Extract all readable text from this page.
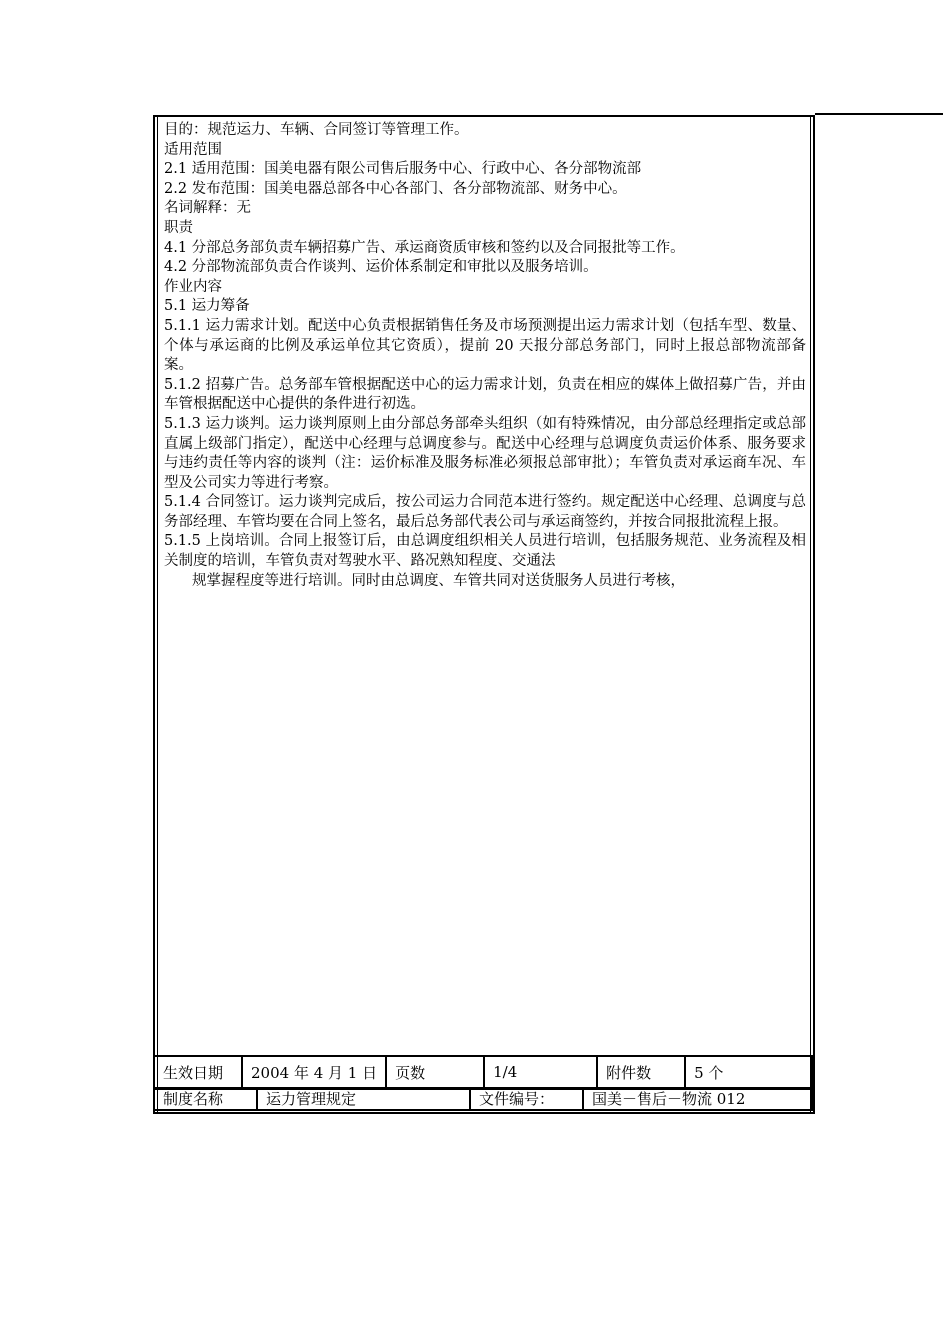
目的：规范运力、车辆、合同签订等管理工作。

适用范围

2.1 适用范围：国美电器有限公司售后服务中心、行政中心、各分部物流部

2.2 发布范围：国美电器总部各中心各部门、各分部物流部、财务中心。

名词解释：无

职责

4.1 分部总务部负责车辆招募广告、承运商资质审核和签约以及合同报批等工作。

4.2 分部物流部负责合作谈判、运价体系制定和审批以及服务培训。

作业内容

5.1 运力筹备

5.1.1 运力需求计划。配送中心负责根据销售任务及市场预测提出运力需求计划（包括车型、数量、个体与承运商的比例及承运单位其它资质），提前 20 天报分部总务部门，同时上报总部物流部备案。

5.1.2 招募广告。总务部车管根据配送中心的运力需求计划，负责在相应的媒体上做招募广告，并由车管根据配送中心提供的条件进行初选。

5.1.3 运力谈判。运力谈判原则上由分部总务部牵头组织（如有特殊情况，由分部总经理指定或总部直属上级部门指定），配送中心经理与总调度参与。配送中心经理与总调度负责运价体系、服务要求与违约责任等内容的谈判（注：运价标准及服务标准必须报总部审批）；车管负责对承运商车况、车型及公司实力等进行考察。

5.1.4 合同签订。运力谈判完成后，按公司运力合同范本进行签约。规定配送中心经理、总调度与总务部经理、车管均要在合同上签名，最后总务部代表公司与承运商签约，并按合同报批流程上报。

5.1.5 上岗培训。合同上报签订后，由总调度组织相关人员进行培训，包括服务规范、业务流程及相关制度的培训，车管负责对驾驶水平、路况熟知程度、交通法

规掌握程度等进行培训。同时由总调度、车管共同对送货服务人员进行考核，

生效日期	2004 年 4 月 1 日	页数	1/4	附件数	5 个
制度名称	运力管理规定	文件编号：	国美－售后－物流 012
